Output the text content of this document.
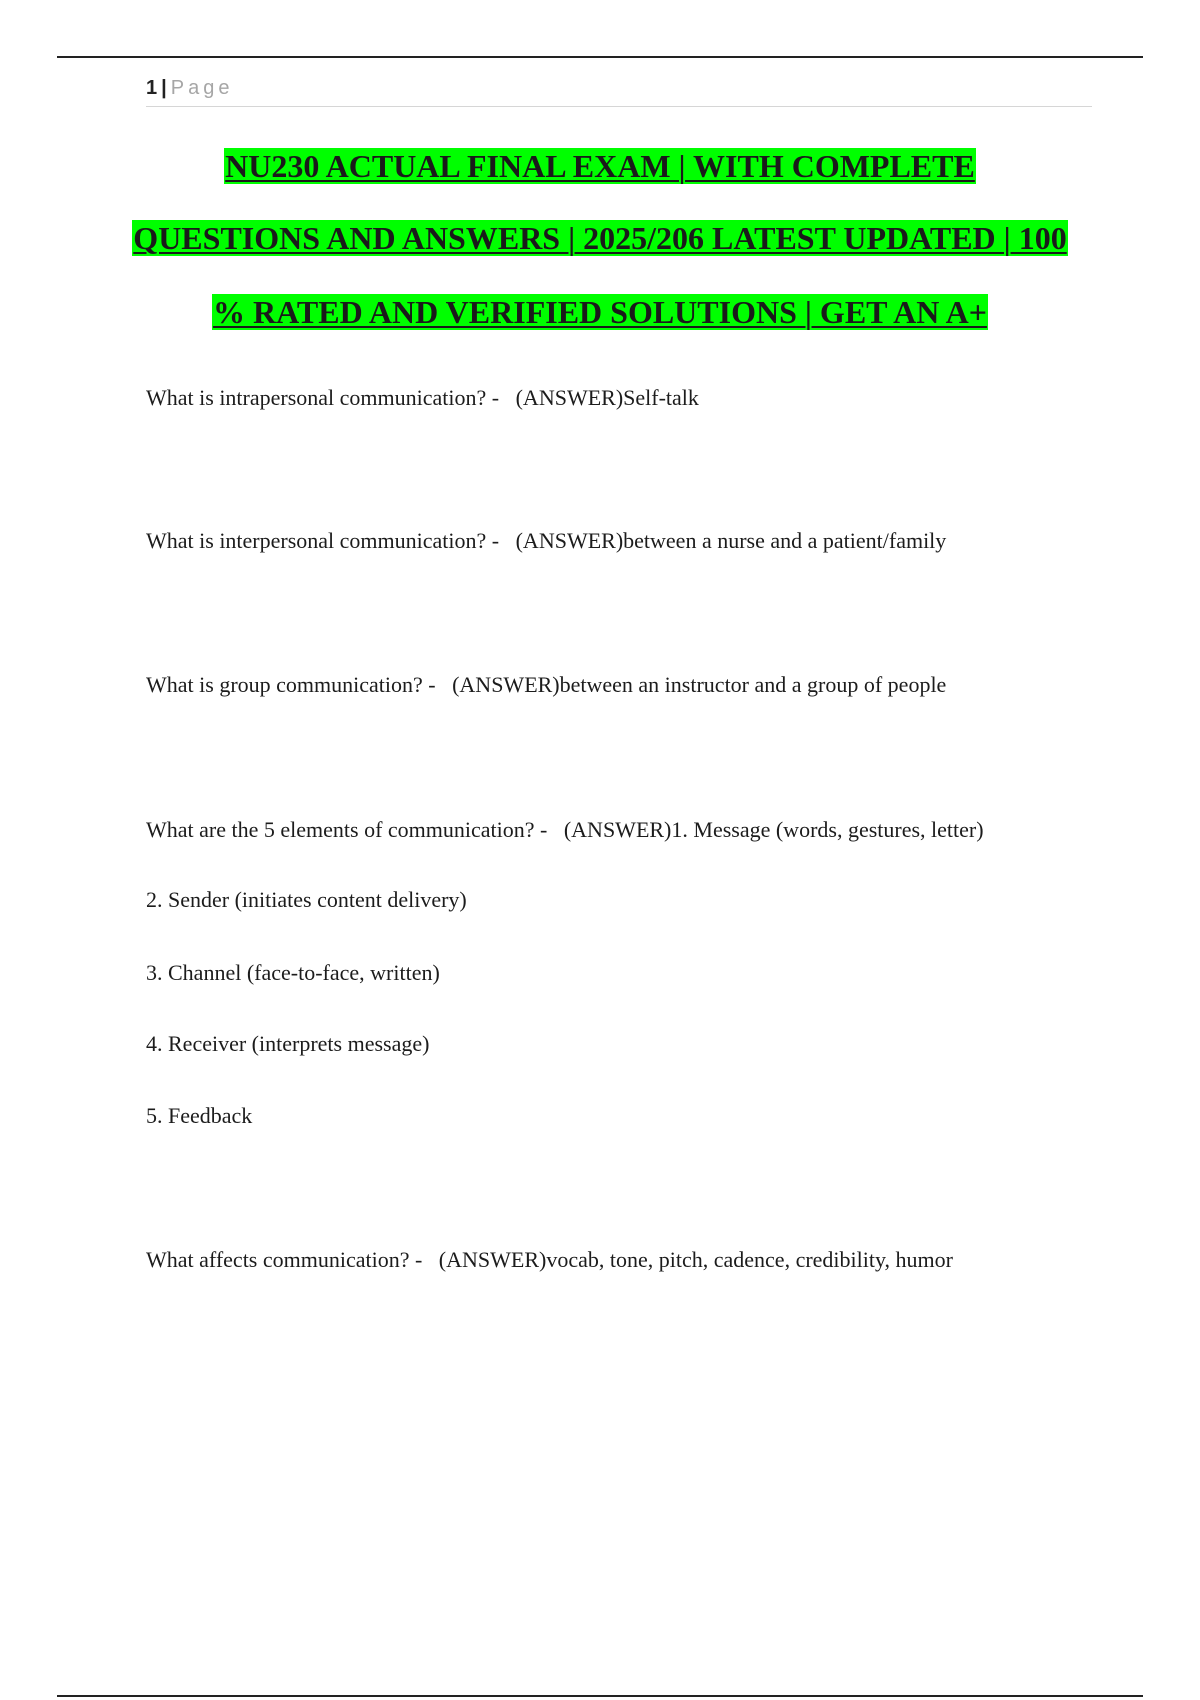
1 | Page
NU230 ACTUAL FINAL EXAM | WITH COMPLETE
QUESTIONS AND ANSWERS | 2025/206 LATEST UPDATED | 100
% RATED AND VERIFIED SOLUTIONS | GET AN A+
What is intrapersonal communication? -   (ANSWER)Self-talk
What is interpersonal communication? -   (ANSWER)between a nurse and a patient/family
What is group communication? -   (ANSWER)between an instructor and a group of people
What are the 5 elements of communication? -   (ANSWER)1. Message (words, gestures, letter)
2. Sender (initiates content delivery)
3. Channel (face-to-face, written)
4. Receiver (interprets message)
5. Feedback
What affects communication? -   (ANSWER)vocab, tone, pitch, cadence, credibility, humor
